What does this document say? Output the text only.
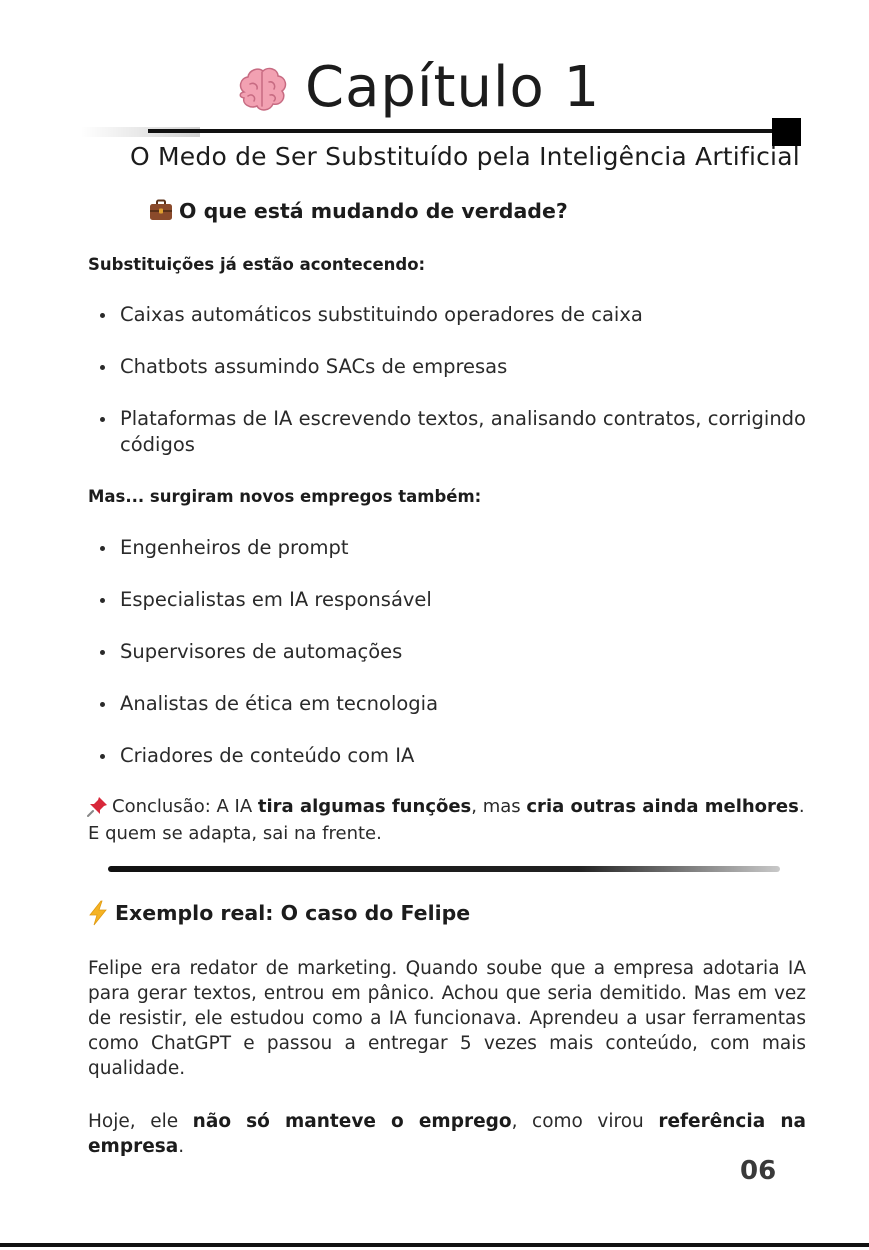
Capítulo 1
O Medo de Ser Substituído pela Inteligência Artificial
O que está mudando de verdade?
Substituições já estão acontecendo:
Caixas automáticos substituindo operadores de caixa
Chatbots assumindo SACs de empresas
Plataformas de IA escrevendo textos, analisando contratos, corrigindo códigos
Mas... surgiram novos empregos também:
Engenheiros de prompt
Especialistas em IA responsável
Supervisores de automações
Analistas de ética em tecnologia
Criadores de conteúdo com IA
Conclusão: A IA tira algumas funções, mas cria outras ainda melhores.
E quem se adapta, sai na frente.
Exemplo real: O caso do Felipe
Felipe era redator de marketing. Quando soube que a empresa adotaria IA para gerar textos, entrou em pânico. Achou que seria demitido. Mas em vez de resistir, ele estudou como a IA funcionava. Aprendeu a usar ferramentas como ChatGPT e passou a entregar 5 vezes mais conteúdo, com mais qualidade.
Hoje, ele não só manteve o emprego, como virou referência na empresa.
06
